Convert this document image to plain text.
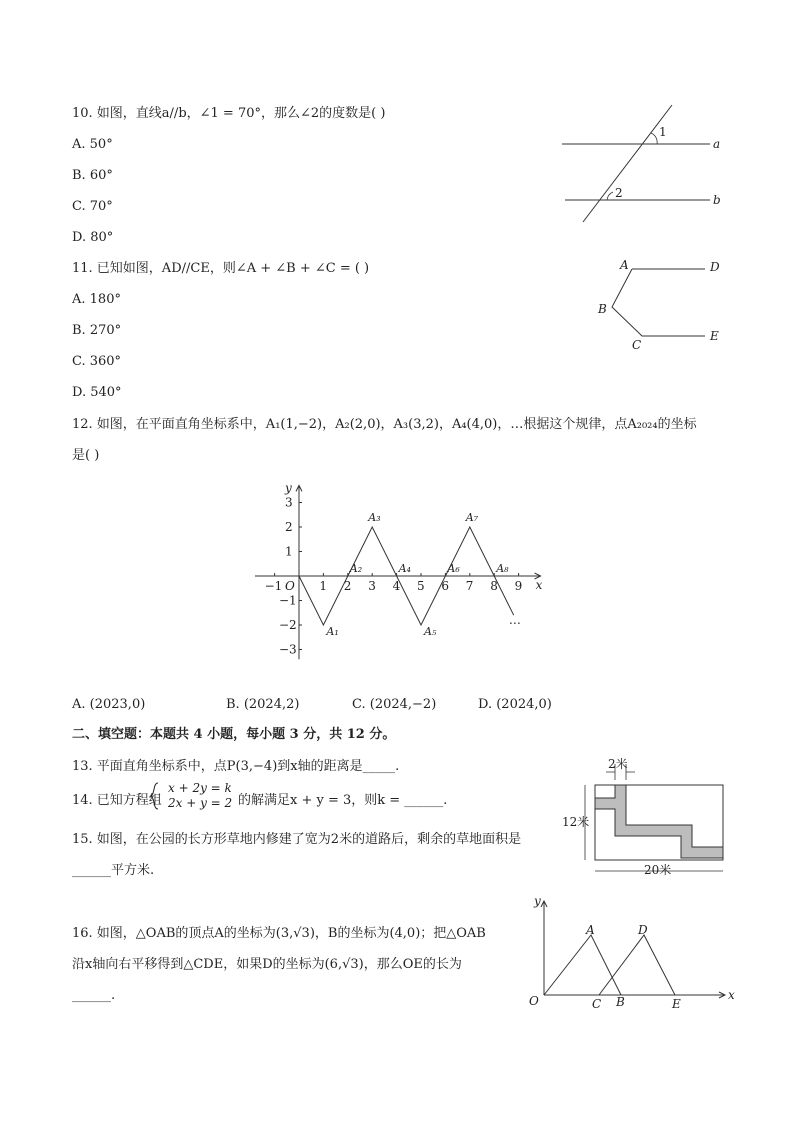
10. 如图，直线a//b，∠1 = 70°，那么∠2的度数是( )
A. 50°
B. 60°
C. 70°
D. 80°
1
2
a
b
11. 已知如图，AD//CE，则∠A + ∠B + ∠C = ( )
A. 180°
B. 270°
C. 360°
D. 540°
A	D
B
C
E
12. 如图，在平面直角坐标系中，A₁(1,−2)，A₂(2,0)，A₃(3,2)，A₄(4,0)，…根据这个规律，点A₂₀₂₄的坐标
是( )
x
y
−1 O 1 2 3 4 5 6 7 8 9
3
2
1
−1
−2
−3
A₁
A₂
A₃
A₄
A₅
A₆
A₇
A₈
…
A. (2023,0)	B. (2024,2)	C. (2024,−2)	D. (2024,0)
二、填空题：本题共 4 小题，每小题 3 分，共 12 分。
13. 平面直角坐标系中，点P(3,−4)到x轴的距离是_____.
14. 已知方程组
x + 2y = k
2x + y = 2 的解满足x + y = 3，则k = ______.
15. 如图，在公园的长方形草地内修建了宽为2米的道路后，剩余的草地面积是
______平方米.
2米
12米
20米
16. 如图，△OAB的顶点A的坐标为(3,√3)，B的坐标为(4,0)；把△OAB
沿x轴向右平移得到△CDE，如果D的坐标为(6,√3)，那么OE的长为
______.
y
x
O
A	D
C B	E
